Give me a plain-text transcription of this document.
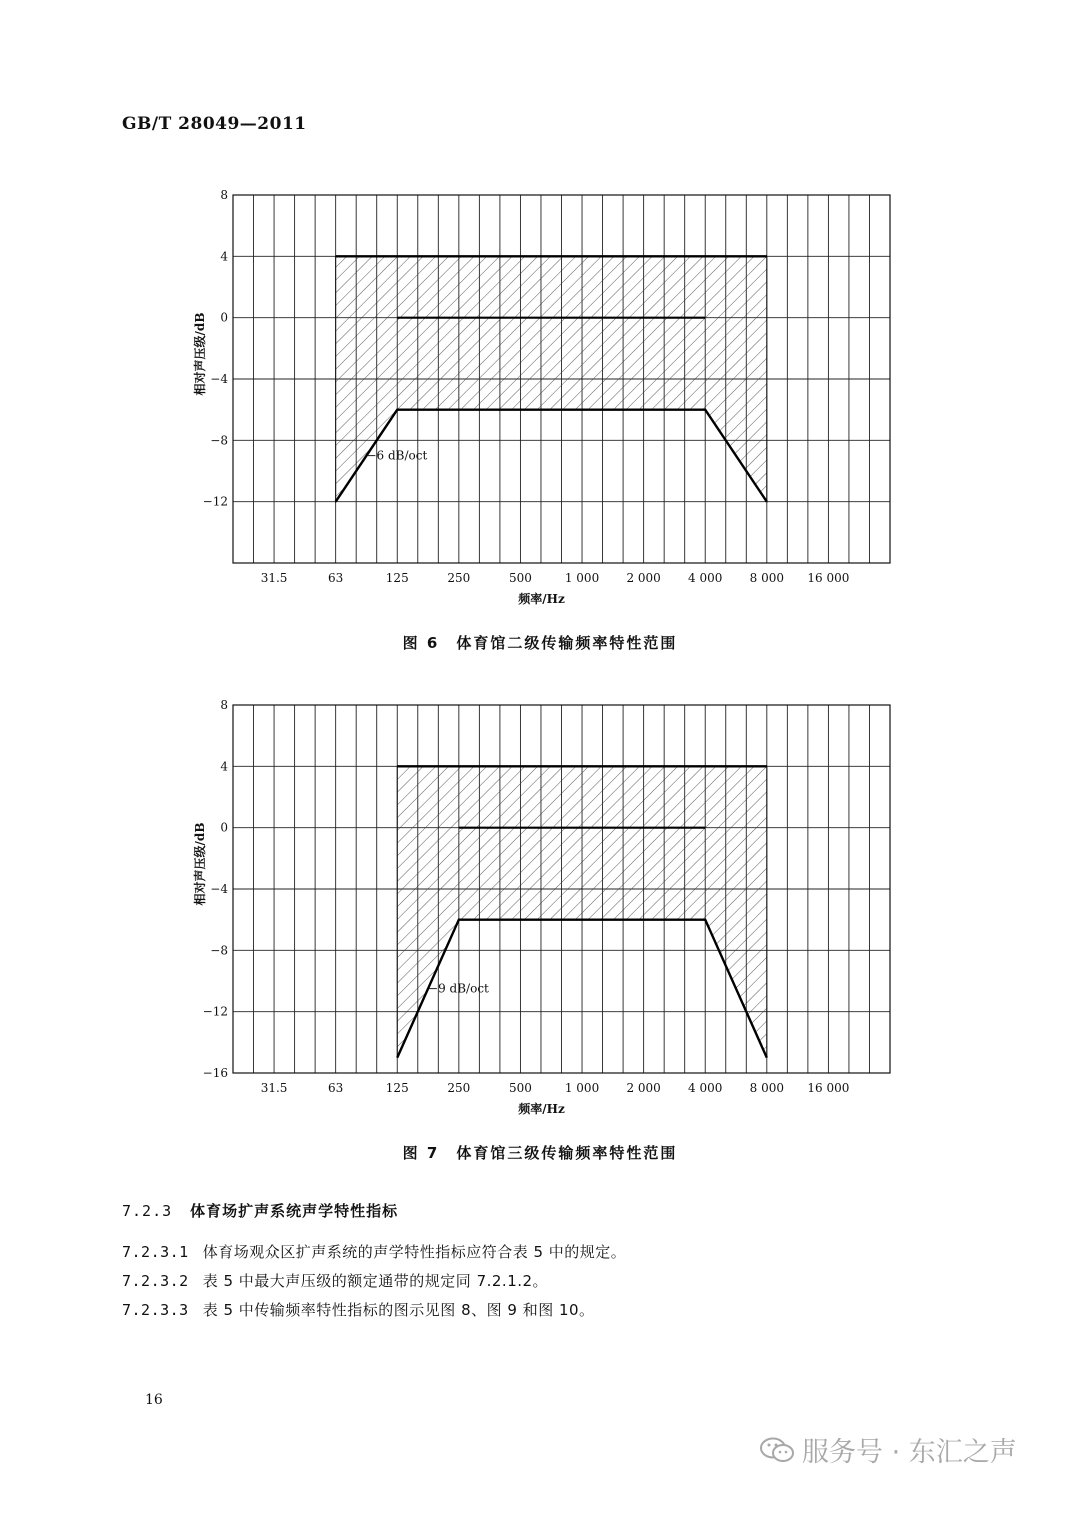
GB/T 28049—2011
−6 dB/oct
8
4
0
−4
−8
−12
31.5	63	125	250	500	1 000 2 000 4 000 8 000 16 000
频率/Hz
相对声压级/dB
图 6　体育馆二级传输频率特性范围
−9 dB/oct
8
4
0
−4
−8
−12
−16
31.5	63	125	250	500	1 000 2 000 4 000 8 000 16 000
频率/Hz
相对声压级/dB
图 7　体育馆三级传输频率特性范围
7.2.3 体育场扩声系统声学特性指标
7.2.3.1 体育场观众区扩声系统的声学特性指标应符合表 5 中的规定。
7.2.3.2 表 5 中最大声压级的额定通带的规定同 7.2.1.2。
7.2.3.3 表 5 中传输频率特性指标的图示见图 8、图 9 和图 10。
16
服务号 · 东汇之声
